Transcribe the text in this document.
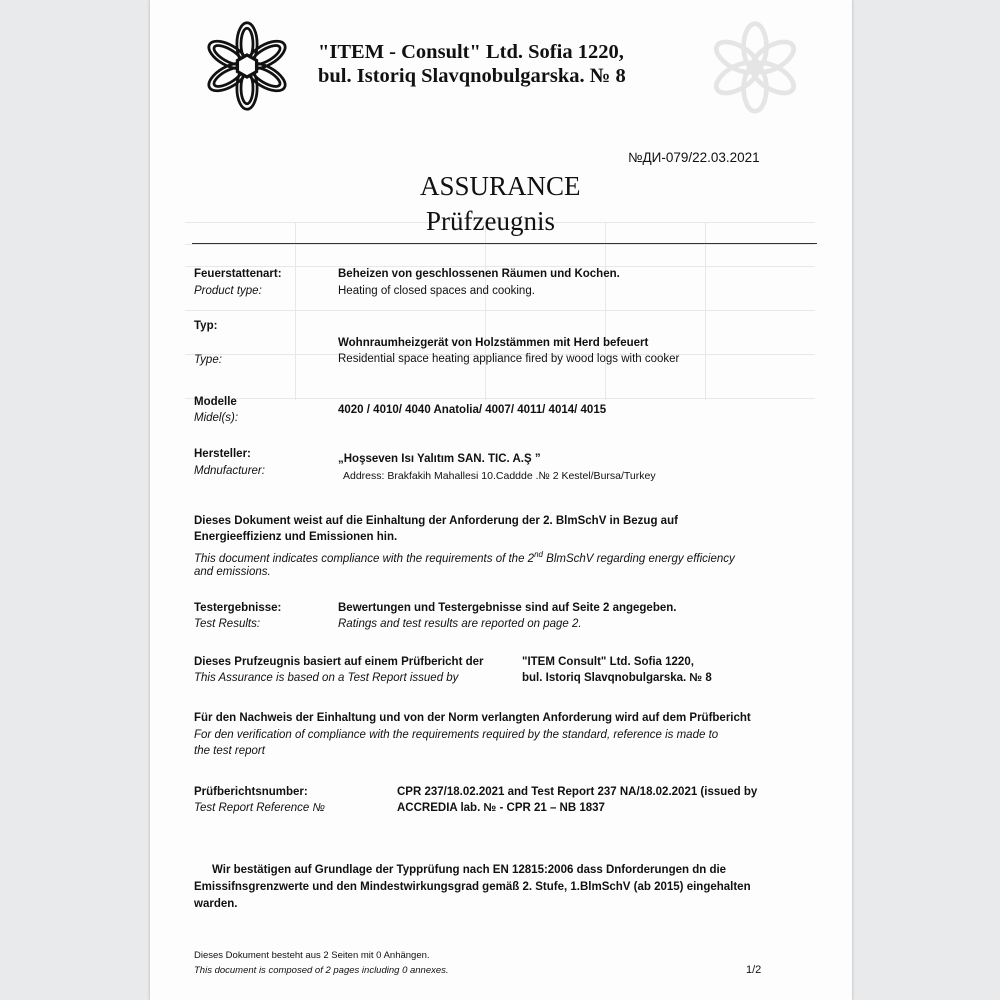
"ITEM - Consult" Ltd. Sofia 1220,
bul. Istoriq Slavqnobulgarska. № 8
№ДИ-079/22.03.2021
ASSURANCE
Prüfzeugnis
Feuerstattenart:
Product type:
Beheizen von geschlossenen Räumen und Kochen.
Heating of closed spaces and cooking.
Typ:
Wohnraumheizgerät von Holzstämmen mit Herd befeuert
Type:	Residential space heating appliance fired by wood logs with cooker
Modelle
Midel(s):
4020 / 4010/ 4040 Anatolia/ 4007/ 4011/ 4014/ 4015
Hersteller:
Mdnufacturer:
„Hoşseven Isı Yalıtım SAN. TIC. A.Ş ”
Address: Brakfakih Mahallesi 10.Caddde .№ 2 Kestel/Bursa/Turkey
Dieses Dokument weist auf die Einhaltung der Anforderung der 2. BlmSchV in Bezug auf
Energieeffizienz und Emissionen hin.
This document indicates compliance with the requirements of the 2nd BlmSchV regarding energy efficiency
and emissions.
Testergebnisse:
Test Results:
Bewertungen und Testergebnisse sind auf Seite 2 angegeben.
Ratings and test results are reported on page 2.
Dieses Prufzeugnis basiert auf einem Prüfbericht der
This Assurance is based on a Test Report issued by
"ITEM Consult" Ltd. Sofia 1220,
bul. Istoriq Slavqnobulgarska. № 8
Für den Nachweis der Einhaltung und von der Norm verlangten Anforderung wird auf dem Prüfbericht
For den verification of compliance with the requirements required by the standard, reference is made to
the test report
Prüfberichtsnumber:
Test Report Reference №
CPR 237/18.02.2021 and Test Report 237 NA/18.02.2021 (issued by
ACCREDIA lab. № - CPR 21 – NB 1837
Wir bestätigen auf Grundlage der Typprüfung nach EN 12815:2006 dass Dnforderungen dn die
Emissifnsgrenzwerte und den Mindestwirkungsgrad gemäß 2. Stufe, 1.BlmSchV (ab 2015) eingehalten
warden.
Dieses Dokument besteht aus 2 Seiten mit 0 Anhängen.
This document is composed of 2 pages including 0 annexes.	1/2
